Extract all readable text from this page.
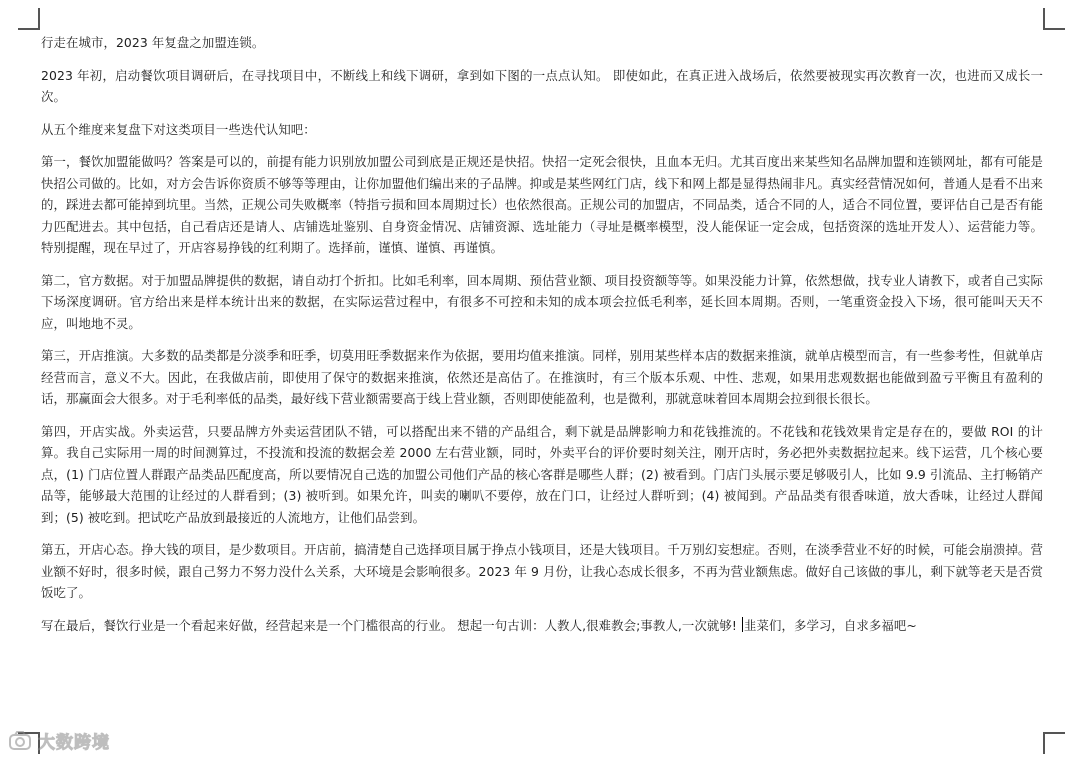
行走在城市，2023 年复盘之加盟连锁。

2023 年初，启动餐饮项目调研后，在寻找项目中，不断线上和线下调研，拿到如下图的一点点认知。 即使如此，在真正进入战场后，依然要被现实再次教育一次，也进而又成长一次。

从五个维度来复盘下对这类项目一些迭代认知吧：

第一，餐饮加盟能做吗？答案是可以的，前提有能力识别放加盟公司到底是正规还是快招。快招一定死会很快，且血本无归。尤其百度出来某些知名品牌加盟和连锁网址，都有可能是快招公司做的。比如，对方会告诉你资质不够等等理由，让你加盟他们编出来的子品牌。抑或是某些网红门店，线下和网上都是显得热闹非凡。真实经营情况如何，普通人是看不出来的，踩进去都可能掉到坑里。当然，正规公司失败概率（特指亏损和回本周期过长）也依然很高。正规公司的加盟店，不同品类，适合不同的人，适合不同位置，要评估自己是否有能力匹配进去。其中包括，自己看店还是请人、店铺选址鉴别、自身资金情况、店铺资源、选址能力（寻址是概率模型，没人能保证一定会成，包括资深的选址开发人）、运营能力等。特别提醒，现在早过了，开店容易挣钱的红利期了。选择前，谨慎、谨慎、再谨慎。

第二，官方数据。对于加盟品牌提供的数据，请自动打个折扣。比如毛利率，回本周期、预估营业额、项目投资额等等。如果没能力计算，依然想做，找专业人请教下，或者自己实际下场深度调研。官方给出来是样本统计出来的数据，在实际运营过程中，有很多不可控和未知的成本项会拉低毛利率，延长回本周期。否则，一笔重资金投入下场，很可能叫天天不应，叫地地不灵。

第三，开店推演。大多数的品类都是分淡季和旺季，切莫用旺季数据来作为依据，要用均值来推演。同样，别用某些样本店的数据来推演，就单店模型而言，有一些参考性，但就单店经营而言，意义不大。因此，在我做店前，即使用了保守的数据来推演，依然还是高估了。在推演时，有三个版本乐观、中性、悲观，如果用悲观数据也能做到盈亏平衡且有盈利的话，那赢面会大很多。对于毛利率低的品类，最好线下营业额需要高于线上营业额，否则即使能盈利，也是微利，那就意味着回本周期会拉到很长很长。

第四，开店实战。外卖运营，只要品牌方外卖运营团队不错，可以搭配出来不错的产品组合，剩下就是品牌影响力和花钱推流的。不花钱和花钱效果肯定是存在的，要做 ROI 的计算。我自己实际用一周的时间测算过，不投流和投流的数据会差 2000 左右营业额，同时，外卖平台的评价要时刻关注，刚开店时，务必把外卖数据拉起来。线下运营，几个核心要点，(1) 门店位置人群跟产品类品匹配度高，所以要情况自己选的加盟公司他们产品的核心客群是哪些人群；(2) 被看到。门店门头展示要足够吸引人，比如 9.9 引流品、主打畅销产品等，能够最大范围的让经过的人群看到；(3) 被听到。如果允许，叫卖的喇叭不要停，放在门口，让经过人群听到；(4) 被闻到。产品品类有很香味道，放大香味，让经过人群闻到；(5) 被吃到。把试吃产品放到最接近的人流地方，让他们品尝到。

第五，开店心态。挣大钱的项目，是少数项目。开店前，搞清楚自己选择项目属于挣点小钱项目，还是大钱项目。千万别幻妄想症。否则，在淡季营业不好的时候，可能会崩溃掉。营业额不好时，很多时候，跟自己努力不努力没什么关系，大环境是会影响很多。2023 年 9 月份，让我心态成长很多，不再为营业额焦虑。做好自己该做的事儿，剩下就等老天是否赏饭吃了。

写在最后，餐饮行业是一个看起来好做，经营起来是一个门槛很高的行业。 想起一句古训：人教人,很难教会;事教人,一次就够! 韭菜们，多学习，自求多福吧~

大数跨境
